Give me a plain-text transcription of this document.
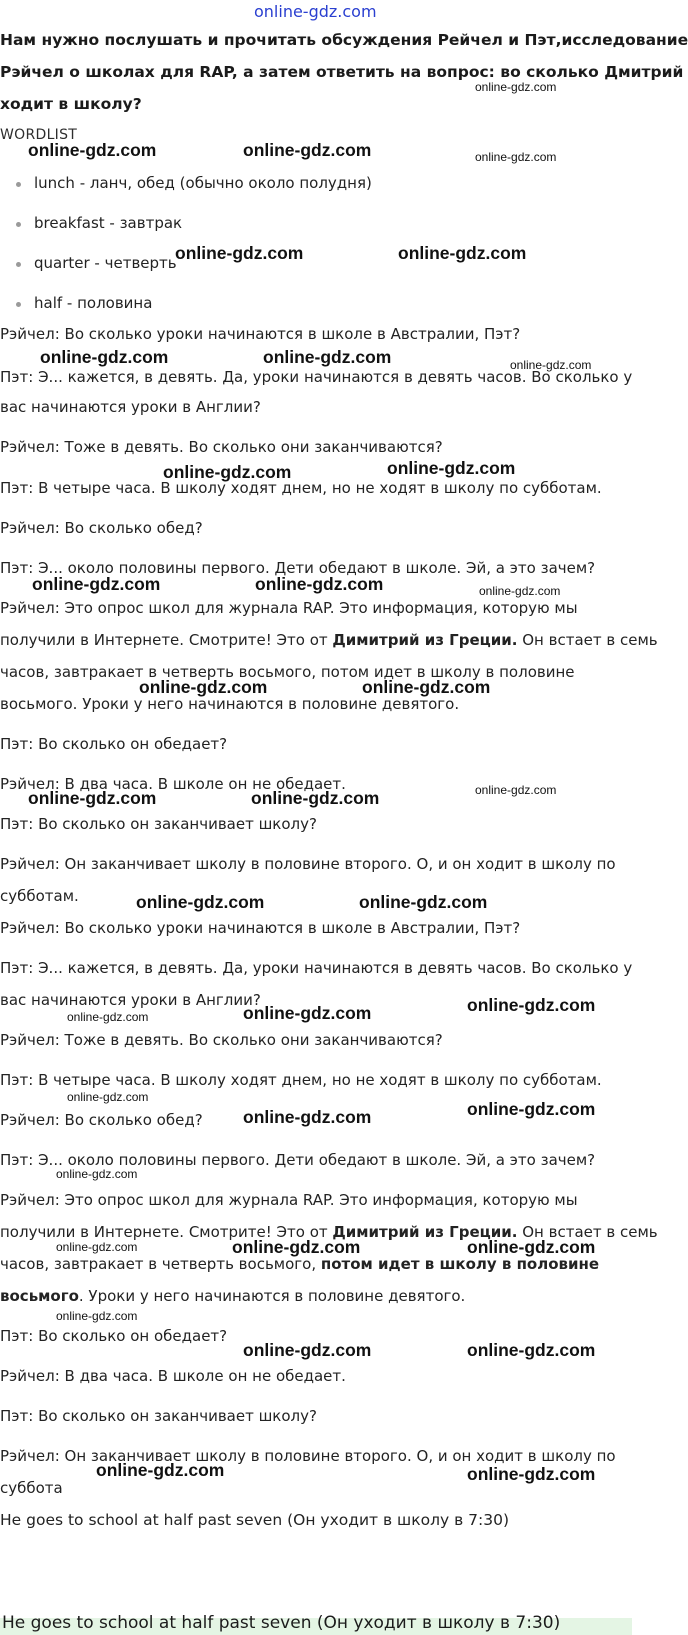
online-gdz.com
Нам нужно послушать и прочитать обсуждения Рейчел и Пэт,исследование
Рэйчел о школах для RAP, а затем ответить на вопрос: во сколько Дмитрий
ходит в школу?
WORDLIST
lunch - ланч, обед (обычно около полудня)
breakfast - завтрак
quarter - четверть
half - половина
Рэйчел: Во сколько уроки начинаются в школе в Австралии, Пэт?
Пэт: Э... кажется, в девять. Да, уроки начинаются в девять часов. Во сколько у
вас начинаются уроки в Англии?
Рэйчел: Тоже в девять. Во сколько они заканчиваются?
Пэт: В четыре часа. В школу ходят днем, но не ходят в школу по субботам.
Рэйчел: Во сколько обед?
Пэт: Э... около половины первого. Дети обедают в школе. Эй, а это зачем?
Рэйчел: Это опрос школ для журнала RAP. Это информация, которую мы
получили в Интернете. Смотрите! Это от Димитрий из Греции. Он встает в семь
часов, завтракает в четверть восьмого, потом идет в школу в половине
восьмого. Уроки у него начинаются в половине девятого.
Пэт: Во сколько он обедает?
Рэйчел: В два часа. В школе он не обедает.
Пэт: Во сколько он заканчивает школу?
Рэйчел: Он заканчивает школу в половине второго. О, и он ходит в школу по
субботам.
Рэйчел: Во сколько уроки начинаются в школе в Австралии, Пэт?
Пэт: Э... кажется, в девять. Да, уроки начинаются в девять часов. Во сколько у
вас начинаются уроки в Англии?
Рэйчел: Тоже в девять. Во сколько они заканчиваются?
Пэт: В четыре часа. В школу ходят днем, но не ходят в школу по субботам.
Рэйчел: Во сколько обед?
Пэт: Э... около половины первого. Дети обедают в школе. Эй, а это зачем?
Рэйчел: Это опрос школ для журнала RAP. Это информация, которую мы
получили в Интернете. Смотрите! Это от Димитрий из Греции. Он встает в семь
часов, завтракает в четверть восьмого, потом идет в школу в половине
восьмого. Уроки у него начинаются в половине девятого.
Пэт: Во сколько он обедает?
Рэйчел: В два часа. В школе он не обедает.
Пэт: Во сколько он заканчивает школу?
Рэйчел: Он заканчивает школу в половине второго. О, и он ходит в школу по
суббота
He goes to school at half past seven (Он уходит в школу в 7:30)
He goes to school at half past seven (Он уходит в школу в 7:30)
online-gdz.com	online-gdz.com
online-gdz.com
online-gdz.com
online-gdz.com	online-gdz.com
online-gdz.com	online-gdz.com	online-gdz.com
online-gdz.com	online-gdz.com
online-gdz.com	online-gdz.com	online-gdz.com
online-gdz.com	online-gdz.com
online-gdz.com	online-gdz.com	online-gdz.com
online-gdz.com	online-gdz.com
online-gdz.com	online-gdz.com	online-gdz.com
online-gdz.com
online-gdz.com	online-gdz.com
online-gdz.com
online-gdz.com	online-gdz.com	online-gdz.com
online-gdz.com
online-gdz.com	online-gdz.com
online-gdz.com	online-gdz.com
